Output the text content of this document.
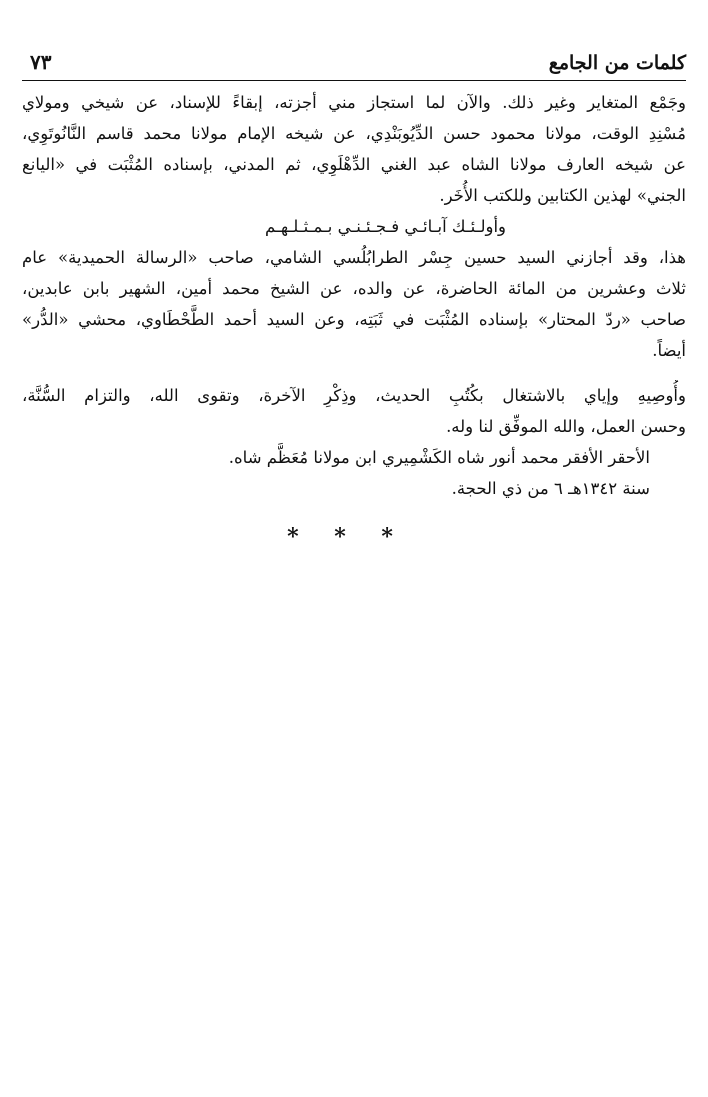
كلمات من الجامع
٧٣

وجَمْع المتغاير وغير ذلك. والآن لما استجاز مني أجزته، إبقاءً للإسناد، عن شيخي ومولاي
مُسْنِدِ الوقت، مولانا محمود حسن الدِّيُوبَنْدِي، عن شيخه الإمام مولانا محمد قاسم النَّانُوتَوِي،
عن شيخه العارف مولانا الشاه عبد الغني الدِّهْلَوِي، ثم المدني، بإسناده المُثْبَت في «اليانع
الجني» لهذين الكتابين وللكتب الأُخَر.

وأولـئـك آبـائـي فـجـئـنـي بـمـثـلـهـم

هذا، وقد أجازني السيد حسين جِسْر الطرابُلُسي الشامي، صاحب «الرسالة الحميدية» عام
ثلاث وعشرين من المائة الحاضرة، عن والده، عن الشيخ محمد أمين، الشهير بابن عابدين،
صاحب «ردّ المحتار» بإسناده المُثْبَت في ثَبَتِه، وعن السيد أحمد الطَّحْطَاوي، محشي «الدُّر»
أيضاً.

وأُوصِيهِ وإياي بالاشتغال بكُتُبِ الحديث، وذِكْرِ الآخرة، وتقوى الله، والتزام السُّنَّة،
وحسن العمل، والله الموفِّق لنا وله.

الأحقر الأفقر محمد أنور شاه الكَشْمِيري ابن مولانا مُعَظَّم شاه.

سنة ١٣٤٢هـ ٦ من ذي الحجة.

* * *
